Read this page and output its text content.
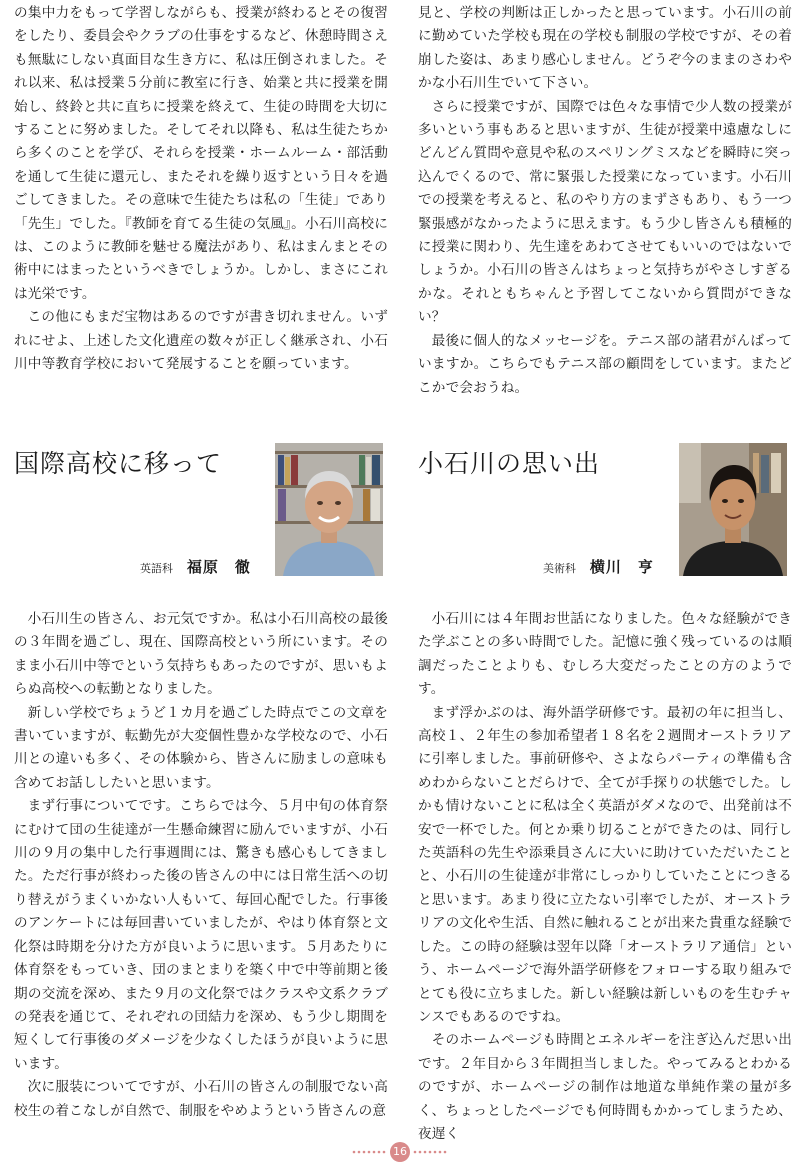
の集中力をもって学習しながらも、授業が終わるとその復習をしたり、委員会やクラブの仕事をするなど、休憩時間さえも無駄にしない真面目な生き方に、私は圧倒されました。それ以来、私は授業５分前に教室に行き、始業と共に授業を開始し、終鈴と共に直ちに授業を終えて、生徒の時間を大切にすることに努めました。そしてそれ以降も、私は生徒たちから多くのことを学び、それらを授業・ホームルーム・部活動を通して生徒に還元し、またそれを繰り返すという日々を過ごしてきました。その意味で生徒たちは私の「生徒」であり「先生」でした。『教師を育てる生徒の気風』。小石川高校には、このように教師を魅せる魔法があり、私はまんまとその術中にはまったというべきでしょうか。しかし、まさにこれは光栄です。

この他にもまだ宝物はあるのですが書き切れません。いずれにせよ、上述した文化遺産の数々が正しく継承され、小石川中等教育学校において発展することを願っています。

見と、学校の判断は正しかったと思っています。小石川の前に勤めていた学校も現在の学校も制服の学校ですが、その着崩した姿は、あまり感心しません。どうぞ今のままのさわやかな小石川生でいて下さい。

さらに授業ですが、国際では色々な事情で少人数の授業が多いという事もあると思いますが、生徒が授業中遠慮なしにどんどん質問や意見や私のスペリングミスなどを瞬時に突っ込んでくるので、常に緊張した授業になっています。小石川での授業を考えると、私のやり方のまずさもあり、もう一つ緊張感がなかったように思えます。もう少し皆さんも積極的に授業に関わり、先生達をあわてさせてもいいのではないでしょうか。小石川の皆さんはちょっと気持ちがやさしすぎるかな。それともちゃんと予習してこないから質問ができない？

最後に個人的なメッセージを。テニス部の諸君がんばっていますか。こちらでもテニス部の顧問をしています。またどこかで会おうね。

国際高校に移って
英語科 福原　徹
小石川の思い出
美術科 横川　亨

小石川生の皆さん、お元気ですか。私は小石川高校の最後の３年間を過ごし、現在、国際高校という所にいます。そのまま小石川中等でという気持ちもあったのですが、思いもよらぬ高校への転勤となりました。

新しい学校でちょうど１カ月を過ごした時点でこの文章を書いていますが、転勤先が大変個性豊かな学校なので、小石川との違いも多く、その体験から、皆さんに励ましの意味も含めてお話ししたいと思います。

まず行事についてです。こちらでは今、５月中旬の体育祭にむけて団の生徒達が一生懸命練習に励んでいますが、小石川の９月の集中した行事週間には、驚きも感心もしてきました。ただ行事が終わった後の皆さんの中には日常生活への切り替えがうまくいかない人もいて、毎回心配でした。行事後のアンケートには毎回書いていましたが、やはり体育祭と文化祭は時期を分けた方が良いように思います。５月あたりに体育祭をもっていき、団のまとまりを築く中で中等前期と後期の交流を深め、また９月の文化祭ではクラスや文系クラブの発表を通じて、それぞれの団結力を深め、もう少し期間を短くして行事後のダメージを少なくしたほうが良いように思います。

次に服装についてですが、小石川の皆さんの制服でない高校生の着こなしが自然で、制服をやめようという皆さんの意

小石川には４年間お世話になりました。色々な経験ができた学ぶことの多い時間でした。記憶に強く残っているのは順調だったことよりも、むしろ大変だったことの方のようです。

まず浮かぶのは、海外語学研修です。最初の年に担当し、高校１、２年生の参加希望者１８名を２週間オーストラリアに引率しました。事前研修や、さよならパーティの準備も含めわからないことだらけで、全てが手探りの状態でした。しかも情けないことに私は全く英語がダメなので、出発前は不安で一杯でした。何とか乗り切ることができたのは、同行した英語科の先生や添乗員さんに大いに助けていただいたことと、小石川の生徒達が非常にしっかりしていたことにつきると思います。あまり役に立たない引率でしたが、オーストラリアの文化や生活、自然に触れることが出来た貴重な経験でした。この時の経験は翌年以降「オーストラリア通信」という、ホームページで海外語学研修をフォローする取り組みでとても役に立ちました。新しい経験は新しいものを生むチャンスでもあるのですね。

そのホームページも時間とエネルギーを注ぎ込んだ思い出です。２年目から３年間担当しました。やってみるとわかるのですが、ホームページの制作は地道な単純作業の量が多く、ちょっとしたページでも何時間もかかってしまうため、夜遅く

16
